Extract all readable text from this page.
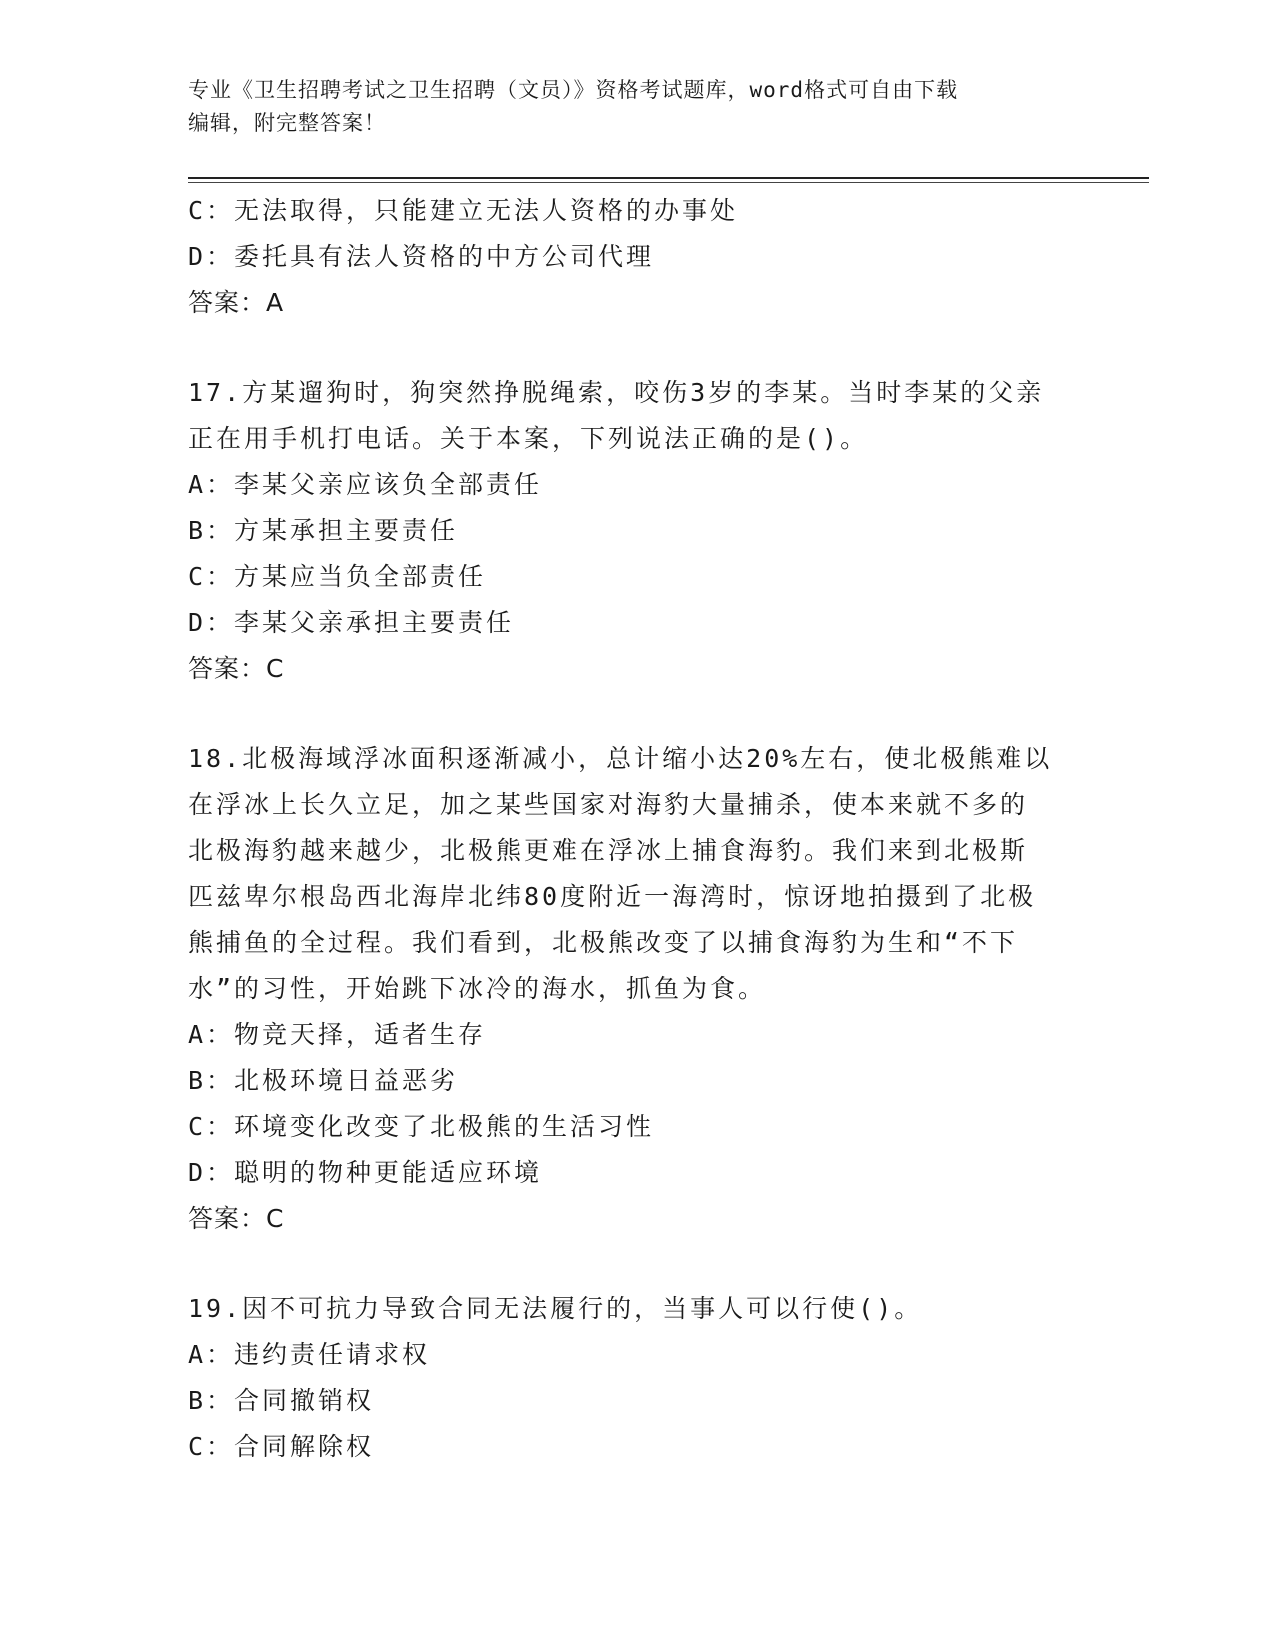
专业《卫生招聘考试之卫生招聘（文员）》资格考试题库，word格式可自由下载
编辑，附完整答案！
C：无法取得，只能建立无法人资格的办事处
D：委托具有法人资格的中方公司代理
答案：A
17.方某遛狗时，狗突然挣脱绳索，咬伤3岁的李某。当时李某的父亲
正在用手机打电话。关于本案，下列说法正确的是()。
A：李某父亲应该负全部责任
B：方某承担主要责任
C：方某应当负全部责任
D：李某父亲承担主要责任
答案：C
18.北极海域浮冰面积逐渐减小，总计缩小达20%左右，使北极熊难以
在浮冰上长久立足，加之某些国家对海豹大量捕杀，使本来就不多的
北极海豹越来越少，北极熊更难在浮冰上捕食海豹。我们来到北极斯
匹兹卑尔根岛西北海岸北纬80度附近一海湾时，惊讶地拍摄到了北极
熊捕鱼的全过程。我们看到，北极熊改变了以捕食海豹为生和“不下
水”的习性，开始跳下冰冷的海水，抓鱼为食。
A：物竞天择，适者生存
B：北极环境日益恶劣
C：环境变化改变了北极熊的生活习性
D：聪明的物种更能适应环境
答案：C
19.因不可抗力导致合同无法履行的，当事人可以行使()。
A：违约责任请求权
B：合同撤销权
C：合同解除权
